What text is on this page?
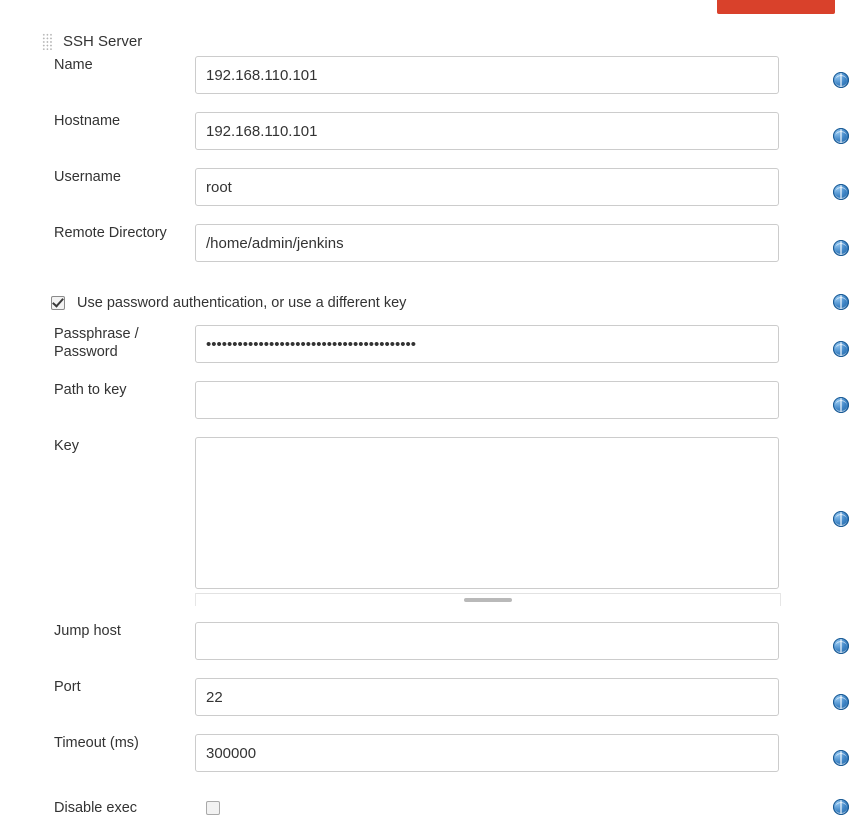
SSH Server
Name
192.168.110.101
Hostname
192.168.110.101
Username
root
Remote Directory
/home/admin/jenkins
Use password authentication, or use a different key
Passphrase / Password
••••••••••••••••••••••••••••••••••••••••
Path to key
Key
Jump host
Port
22
Timeout (ms)
300000
Disable exec
